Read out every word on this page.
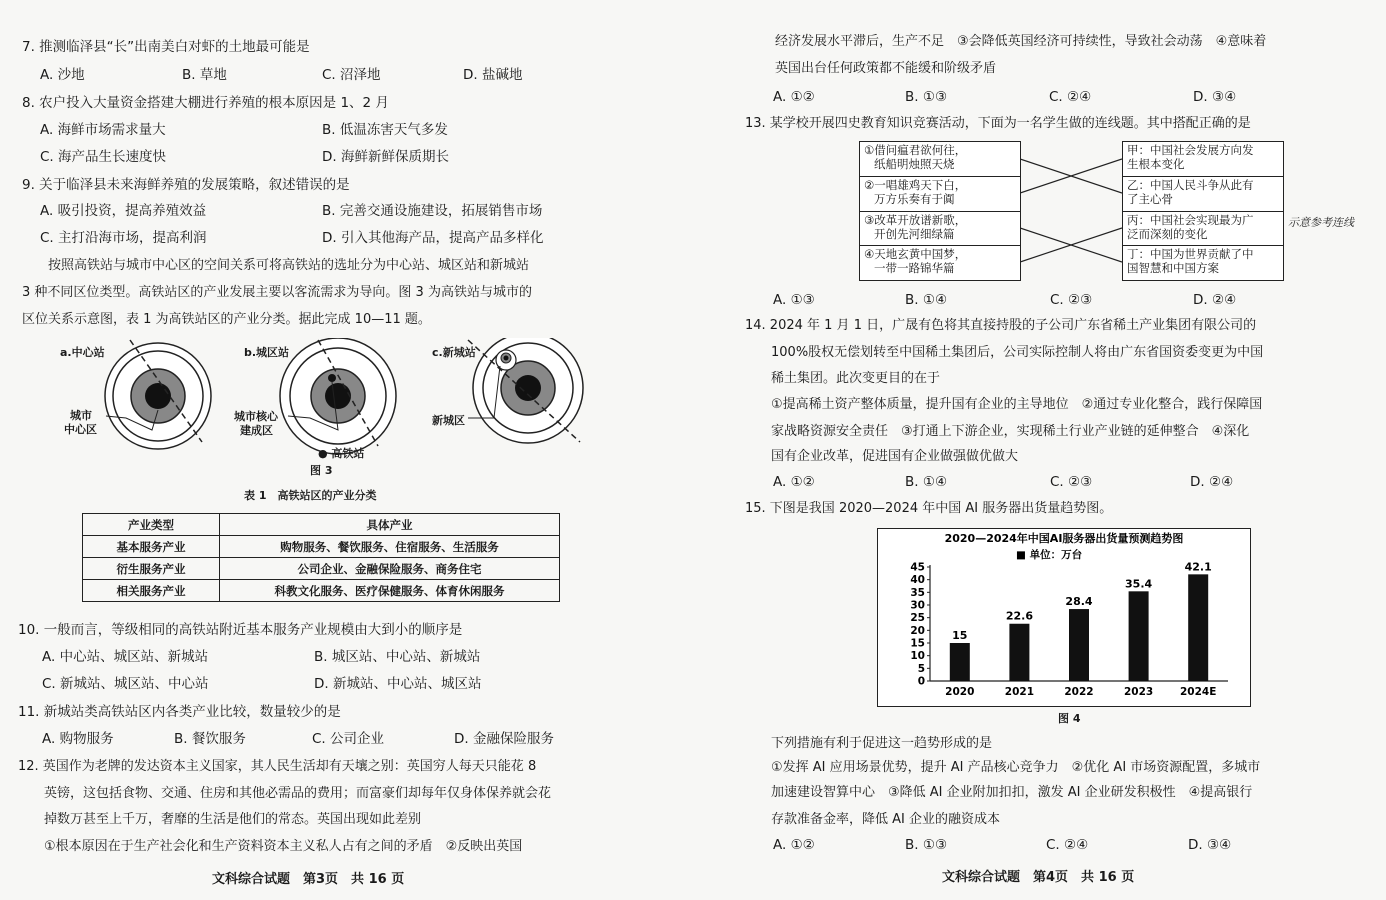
7. 推测临泽县“长”出南美白对虾的土地最可能是
A. 沙地	B. 草地	C. 沼泽地	D. 盐碱地
8. 农户投入大量资金搭建大棚进行养殖的根本原因是 1、2 月
A. 海鲜市场需求量大	B. 低温冻害天气多发
C. 海产品生长速度快	D. 海鲜新鲜保质期长
9. 关于临泽县未来海鲜养殖的发展策略，叙述错误的是
A. 吸引投资，提高养殖效益	B. 完善交通设施建设，拓展销售市场
C. 主打沿海市场，提高利润	D. 引入其他海产品，提高产品多样化
按照高铁站与城市中心区的空间关系可将高铁站的选址分为中心站、城区站和新城站
3 种不同区位类型。高铁站区的产业发展主要以客流需求为导向。图 3 为高铁站与城市的
区位关系示意图，表 1 为高铁站区的产业分类。据此完成 10—11 题。
a.中心站	b.城区站	c.新城站
城市
中心区
城市核心
建成区
新城区
● 高铁站
图 3
表 1　高铁站区的产业分类
产业类型	具体产业
基本服务产业	购物服务、餐饮服务、住宿服务、生活服务
衍生服务产业	公司企业、金融保险服务、商务住宅
相关服务产业	科教文化服务、医疗保健服务、体育休闲服务
10. 一般而言，等级相同的高铁站附近基本服务产业规模由大到小的顺序是
A. 中心站、城区站、新城站	B. 城区站、中心站、新城站
C. 新城站、城区站、中心站	D. 新城站、中心站、城区站
11. 新城站类高铁站区内各类产业比较，数量较少的是
A. 购物服务	B. 餐饮服务	C. 公司企业	D. 金融保险服务
12. 英国作为老牌的发达资本主义国家，其人民生活却有天壤之别：英国穷人每天只能花 8
英镑，这包括食物、交通、住房和其他必需品的费用；而富豪们却每年仅身体保养就会花
掉数万甚至上千万，奢靡的生活是他们的常态。英国出现如此差别
①根本原因在于生产社会化和生产资料资本主义私人占有之间的矛盾　②反映出英国
文科综合试题　第3页　共 16 页
经济发展水平滞后，生产不足　③会降低英国经济可持续性，导致社会动荡　④意味着
英国出台任何政策都不能缓和阶级矛盾
A. ①②	B. ①③	C. ②④	D. ③④
13. 某学校开展四史教育知识竞赛活动，下面为一名学生做的连线题。其中搭配正确的是
①借问瘟君欲何往，
纸船明烛照天烧
②一唱雄鸡天下白，
万方乐奏有于阗
③改革开放谱新歌，
开创先河细绿篇
④天地玄黄中国梦，
一带一路锦华篇
甲：中国社会发展方向发
生根本变化
乙：中国人民斗争从此有
了主心骨
丙：中国社会实现最为广
泛而深刻的变化
丁：中国为世界贡献了中
国智慧和中国方案
示意参考连线
A. ①③	B. ①④	C. ②③	D. ②④
14. 2024 年 1 月 1 日，广晟有色将其直接持股的子公司广东省稀土产业集团有限公司的
100%股权无偿划转至中国稀土集团后，公司实际控制人将由广东省国资委变更为中国
稀土集团。此次变更目的在于
①提高稀土资产整体质量，提升国有企业的主导地位　②通过专业化整合，践行保障国
家战略资源安全责任　③打通上下游企业，实现稀土行业产业链的延伸整合　④深化
国有企业改革，促进国有企业做强做优做大
A. ①②	B. ①④	C. ②③	D. ②④
15. 下图是我国 2020—2024 年中国 AI 服务器出货量趋势图。
2020—2024年中国AI服务器出货量预测趋势图
■ 单位：万台
0
5
10
15
20
25
30
35
40
45
15
2020
22.6
2021
28.4
2022
35.4
2023
42.1
2024E
图 4
下列措施有利于促进这一趋势形成的是
①发挥 AI 应用场景优势，提升 AI 产品核心竞争力　②优化 AI 市场资源配置，多城市
加速建设智算中心　③降低 AI 企业附加扣扣，激发 AI 企业研发积极性　④提高银行
存款准备金率，降低 AI 企业的融资成本
A. ①②	B. ①③	C. ②④	D. ③④
文科综合试题　第4页　共 16 页
